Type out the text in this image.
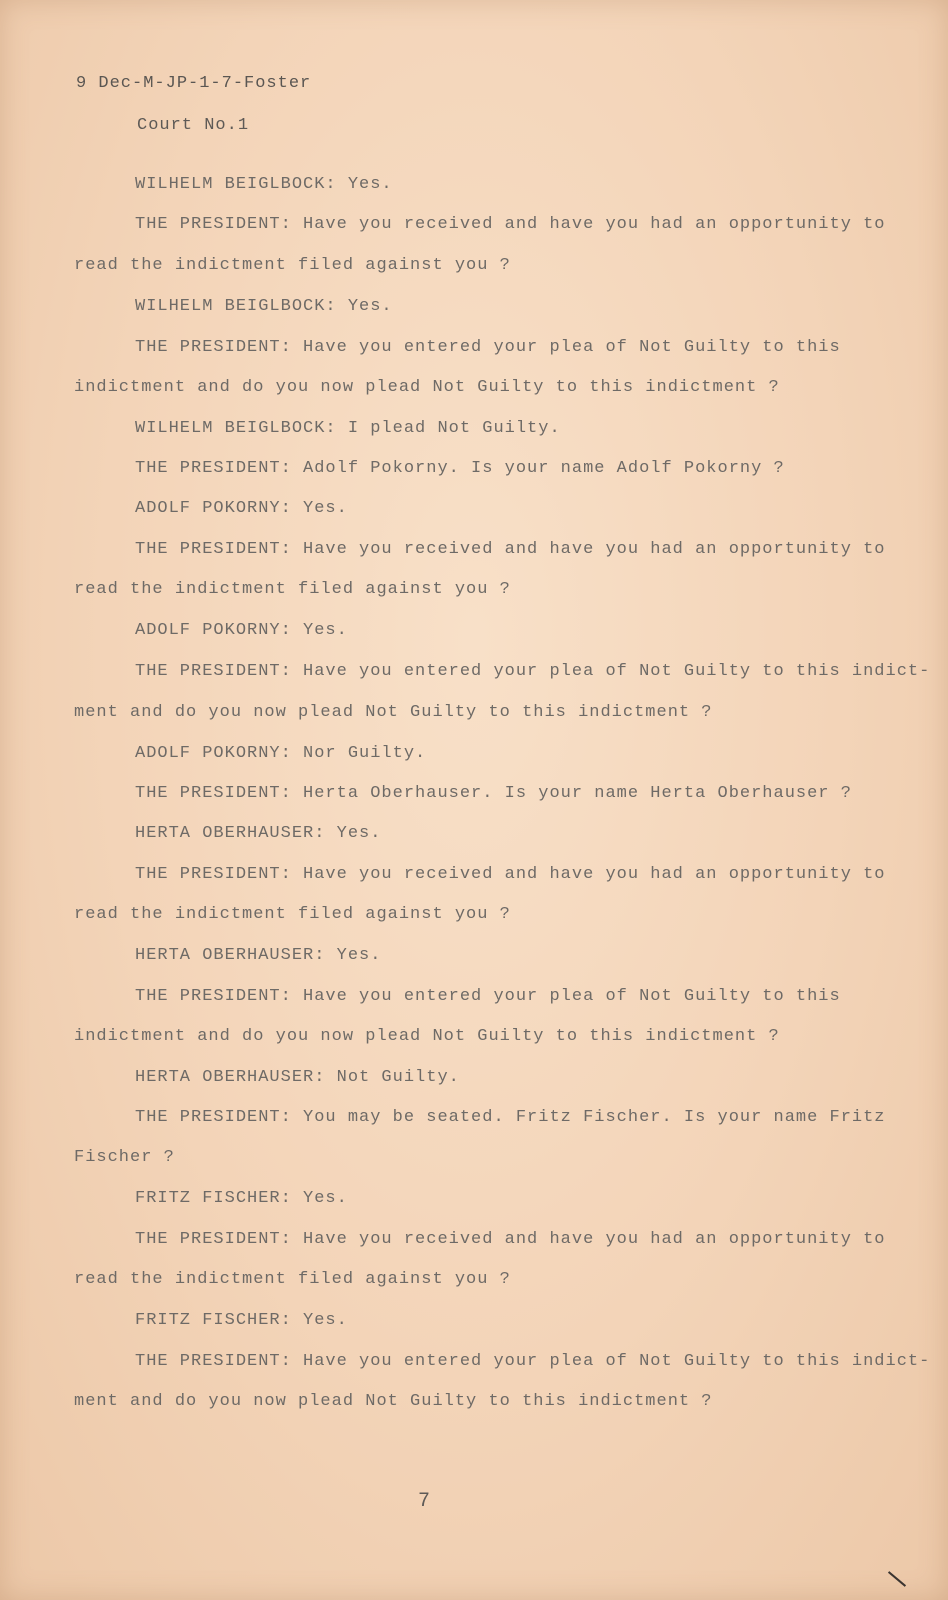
9 Dec-M-JP-1-7-Foster
Court No.1
WILHELM BEIGLBOCK: Yes.
THE PRESIDENT: Have you received and have you had an opportunity to
read the indictment filed against you ?
WILHELM BEIGLBOCK: Yes.
THE PRESIDENT: Have you entered your plea of Not Guilty to this
indictment and do you now plead Not Guilty to this indictment ?
WILHELM BEIGLBOCK: I plead Not Guilty.
THE PRESIDENT: Adolf Pokorny. Is your name Adolf Pokorny ?
ADOLF POKORNY: Yes.
THE PRESIDENT: Have you received and have you had an opportunity to
read the indictment filed against you ?
ADOLF POKORNY: Yes.
THE PRESIDENT: Have you entered your plea of Not Guilty to this indict-
ment and do you now plead Not Guilty to this indictment ?
ADOLF POKORNY: Nor Guilty.
THE PRESIDENT: Herta Oberhauser. Is your name Herta Oberhauser ?
HERTA OBERHAUSER: Yes.
THE PRESIDENT: Have you received and have you had an opportunity to
read the indictment filed against you ?
HERTA OBERHAUSER: Yes.
THE PRESIDENT: Have you entered your plea of Not Guilty to this
indictment and do you now plead Not Guilty to this indictment ?
HERTA OBERHAUSER: Not Guilty.
THE PRESIDENT: You may be seated. Fritz Fischer. Is your name Fritz
Fischer ?
FRITZ FISCHER: Yes.
THE PRESIDENT: Have you received and have you had an opportunity to
read the indictment filed against you ?
FRITZ FISCHER: Yes.
THE PRESIDENT: Have you entered your plea of Not Guilty to this indict-
ment and do you now plead Not Guilty to this indictment ?
7
